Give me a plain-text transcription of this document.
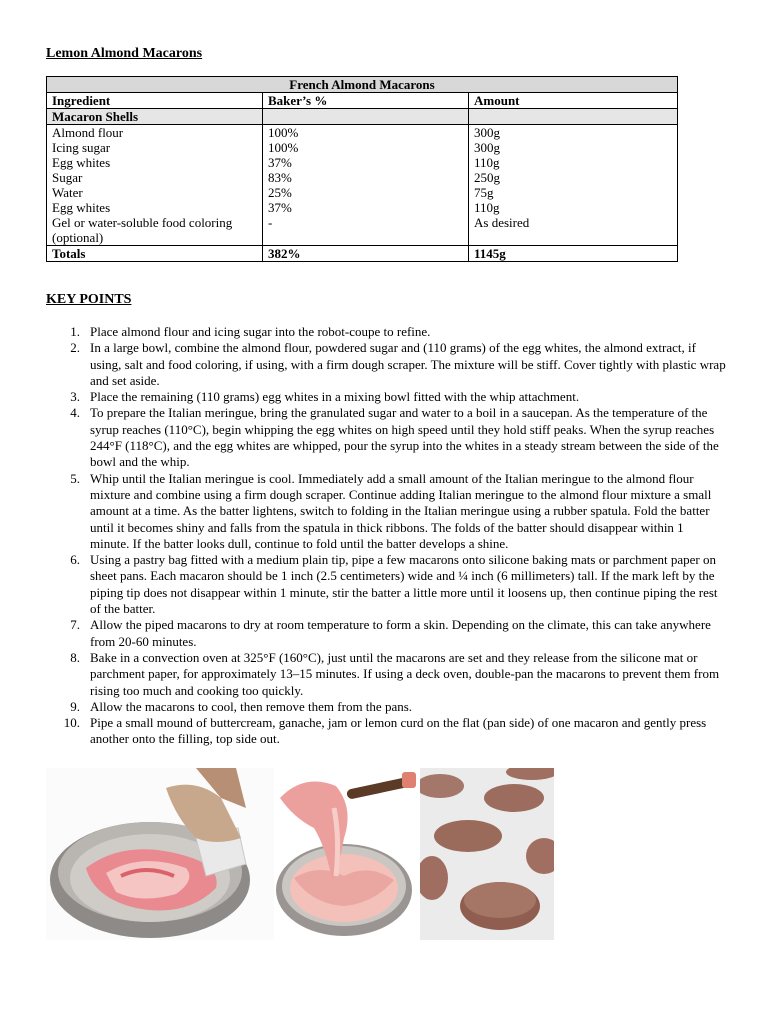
Lemon Almond Macarons
French Almond Macarons		
Ingredient	Baker’s %	Amount
Macaron Shells		
Almond flour	100%	300g
Icing sugar	100%	300g
Egg whites	37%	110g
Sugar	83%	250g
Water	25%	75g
Egg whites	37%	110g
Gel or water-soluble food coloring (optional)	-	As desired
Totals	382%	1145g
KEY POINTS
1. Place almond flour and icing sugar into the robot-coupe to refine.
2. In a large bowl, combine the almond flour, powdered sugar and (110 grams) of the egg whites, the almond extract, if using, salt and food coloring, if using, with a firm dough scraper. The mixture will be stiff. Cover tightly with plastic wrap and set aside.
3. Place the remaining (110 grams) egg whites in a mixing bowl fitted with the whip attachment.
4. To prepare the Italian meringue, bring the granulated sugar and water to a boil in a saucepan. As the temperature of the syrup reaches (110°C), begin whipping the egg whites on high speed until they hold stiff peaks. When the syrup reaches 244°F (118°C), and the egg whites are whipped, pour the syrup into the whites in a steady stream between the side of the bowl and the whip.
5. Whip until the Italian meringue is cool. Immediately add a small amount of the Italian meringue to the almond flour mixture and combine using a firm dough scraper. Continue adding Italian meringue to the almond flour mixture a small amount at a time. As the batter lightens, switch to folding in the Italian meringue using a rubber spatula. Fold the batter until it becomes shiny and falls from the spatula in thick ribbons. The folds of the batter should disappear within 1 minute. If the batter looks dull, continue to fold until the batter develops a shine.
6. Using a pastry bag fitted with a medium plain tip, pipe a few macarons onto silicone baking mats or parchment paper on sheet pans. Each macaron should be 1 inch (2.5 centimeters) wide and ¼ inch (6 millimeters) tall. If the mark left by the piping tip does not disappear within 1 minute, stir the batter a little more until it loosens up, then continue piping the rest of the batter.
7. Allow the piped macarons to dry at room temperature to form a skin. Depending on the climate, this can take anywhere from 20-60 minutes.
8. Bake in a convection oven at 325°F (160°C), just until the macarons are set and they release from the silicone mat or parchment paper, for approximately 13–15 minutes. If using a deck oven, double-pan the macarons to prevent them from rising too much and cooking too quickly.
9. Allow the macarons to cool, then remove them from the pans.
10. Pipe a small mound of buttercream, ganache, jam or lemon curd on the flat (pan side) of one macaron and gently press another onto the filling, top side out.
